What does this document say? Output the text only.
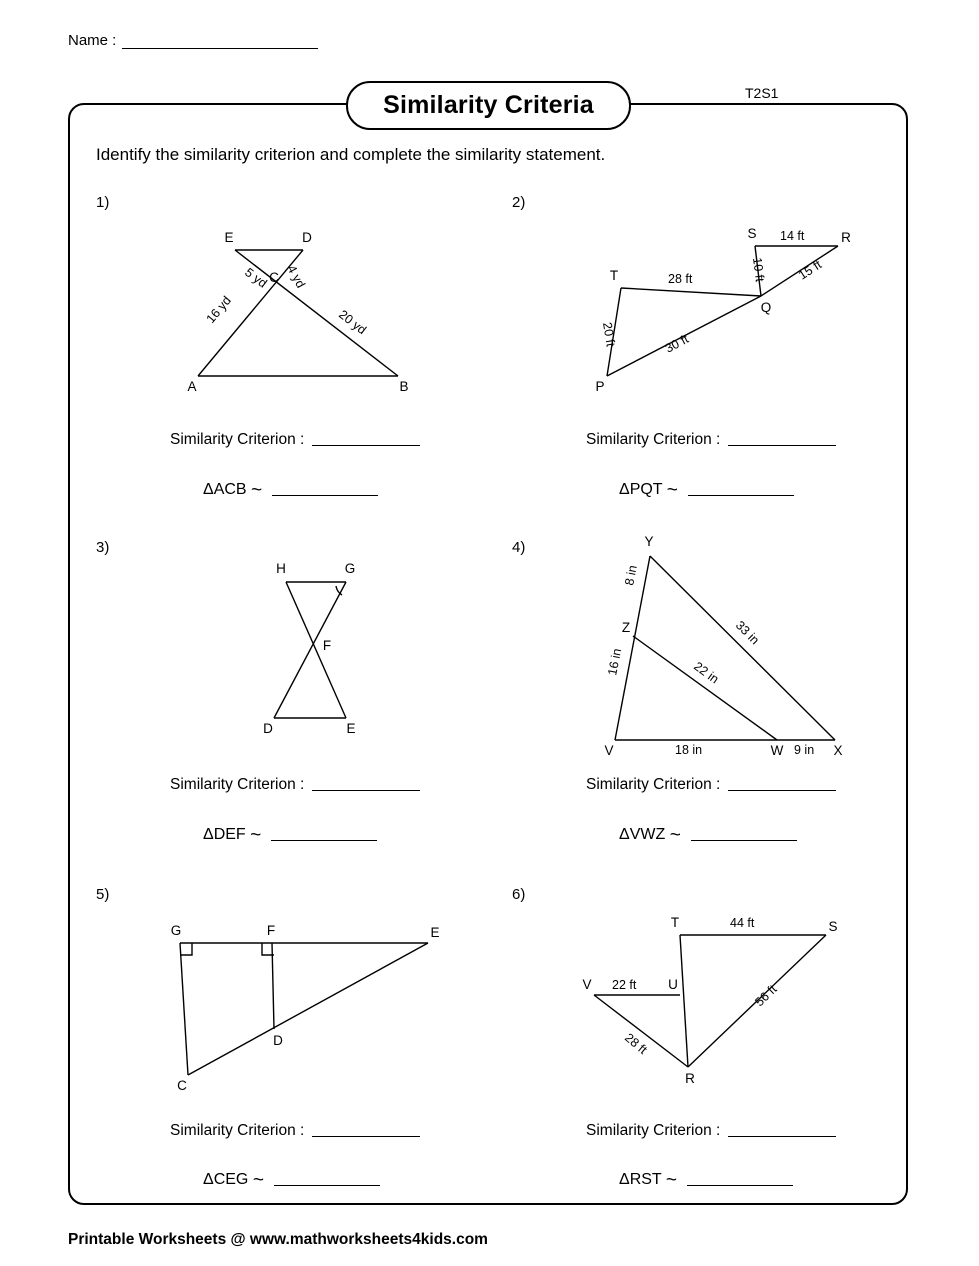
Name :
Similarity Criteria	T2S1
Identify the similarity criterion and complete the similarity statement.
1)
E	D
C
A	B
5 yd 4 yd
16 yd	20 yd
Similarity Criterion :
ΔACB ~
2)
S	R
T
Q
P
14 ft
10 ft 15 ft
28 ft
20 ft	30 ft
Similarity Criterion :
ΔPQT ~
3)
H	G
F
D	E
Similarity Criterion :
ΔDEF ~
4)	Y
Z
V	W	X
8 in
33 in
16 in	22 in
18 in	9 in
Similarity Criterion :
ΔVWZ ~
5)
G	F	E
D
C
Similarity Criterion :
ΔCEG ~
6)
T	S
V	U
R
44 ft
22 ft	56 ft
28 ft
Similarity Criterion :
ΔRST ~
Printable Worksheets @ www.mathworksheets4kids.com
